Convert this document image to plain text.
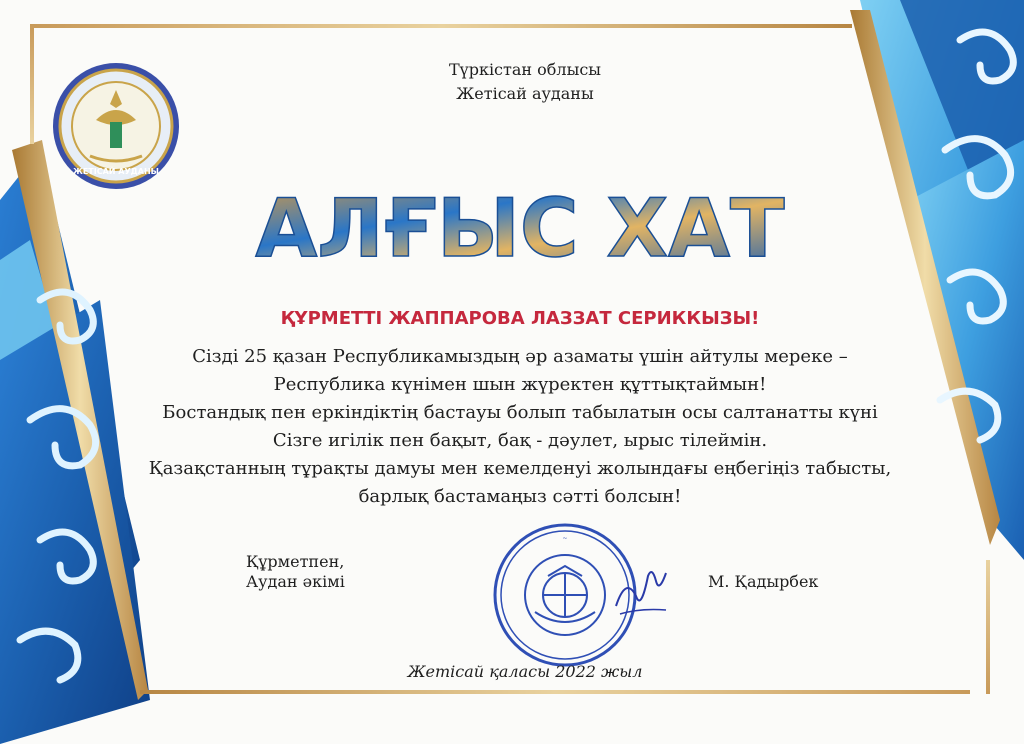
ЖЕТІСАЙ АУДАНЫ
Түркістан облысы
Жетісай ауданы
АЛҒЫС ХАТ
ҚҰРМЕТТІ ЖАППАРОВА ЛАЗЗАТ СЕРИККЫЗЫ!
Сізді 25 қазан Республикамыздың әр азаматы үшін айтулы мереке –
Республика күнімен шын жүректен құттықтаймын!
Бостандық пен еркіндіктің бастауы болып табылатын осы салтанатты күні
Сізге игілік пен бақыт, бақ - дәулет, ырыс тілеймін.
Қазақстанның тұрақты дамуы мен кемелденуі жолындағы еңбегіңіз табысты,
барлық бастамаңыз сәтті болсын!
Құрметпен,
Аудан әкімі
~
М. Қадырбек
Жетісай қаласы 2022 жыл
